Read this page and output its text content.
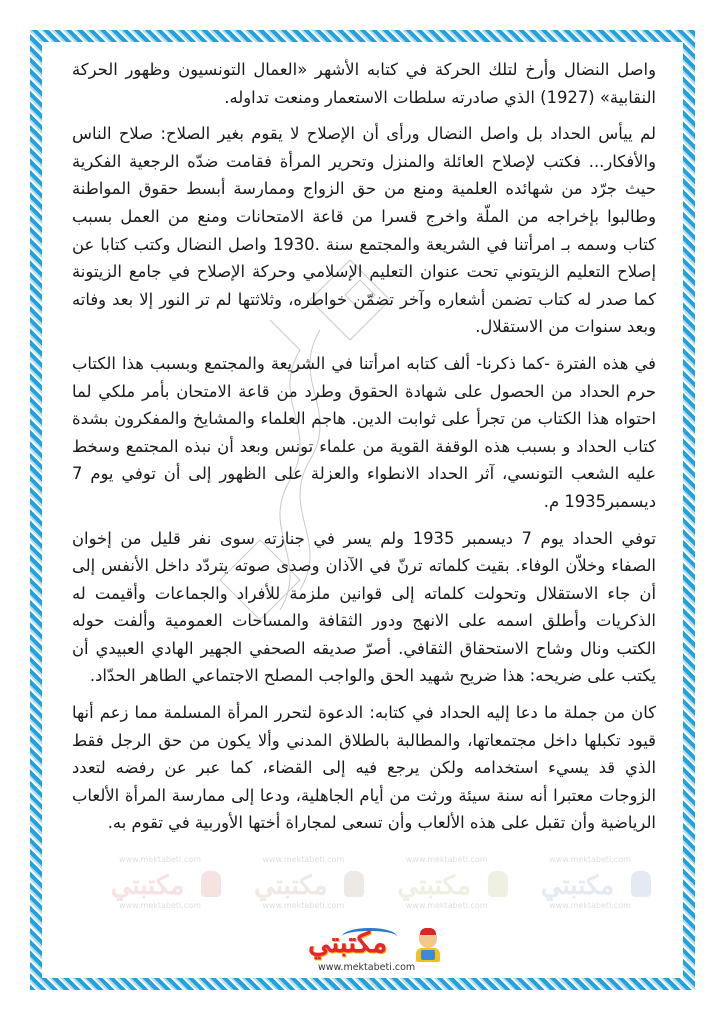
واصل النضال وأرخ لتلك الحركة في كتابه الأشهر «العمال التونسيون وظهور الحركة النقابية» (1927) الذي صادرته سلطات الاستعمار ومنعت تداوله.

لم ييأس الحداد بل واصل النضال ورأى أن الإصلاح لا يقوم بغير الصلاح: صلاح الناس والأفكار... فكتب لإصلاح العائلة والمنزل وتحرير المرأة فقامت ضدّه الرجعية الفكرية حيث جرّد من شهائده العلمية ومنع من حق الزواج وممارسة أبسط حقوق المواطنة وطالبوا بإخراجه من الملّة واخرج قسرا من قاعة الامتحانات ومنع من العمل بسبب كتاب وسمه بـ امرأتنا في الشريعة والمجتمع سنة .1930 واصل النضال وكتب كتابا عن إصلاح التعليم الزيتوني تحت عنوان التعليم الإسلامي وحركة الإصلاح في جامع الزيتونة كما صدر له كتاب تضمن أشعاره وآخر تضمّن خواطره، وثلاثتها لم تر النور إلا بعد وفاته وبعد سنوات من الاستقلال.

في هذه الفترة -كما ذكرنا- ألف كتابه امرأتنا في الشريعة والمجتمع وبسبب هذا الكتاب حرم الحداد من الحصول على شهادة الحقوق وطرد من قاعة الامتحان بأمر ملكي لما احتواه هذا الكتاب من تجرأ على ثوابت الدين. هاجم العلماء والمشايخ والمفكرون بشدة كتاب الحداد و بسبب هذه الوقفة القوية من علماء تونس وبعد أن نبذه المجتمع وسخط عليه الشعب التونسي، آثر الحداد الانطواء والعزلة على الظهور إلى أن توفي يوم 7 ديسمبر1935 م.

توفي الحداد يوم 7 ديسمبر 1935 ولم يسر في جنازته سوى نفر قليل من إخوان الصفاء وخلاّن الوفاء. بقيت كلماته ترنّ في الآذان وصدى صوته يتردّد داخل الأنفس إلى أن جاء الاستقلال وتحولت كلماته إلى قوانين ملزمة للأفراد والجماعات وأقيمت له الذكريات وأطلق اسمه على الانهج ودور الثقافة والمساحات العمومية وألفت حوله الكتب ونال وشاح الاستحقاق الثقافي. أصرّ صديقه الصحفي الجهير الهادي العبيدي أن يكتب على ضريحه: هذا ضريح شهيد الحق والواجب المصلح الاجتماعي الطاهر الحدّاد.

كان من جملة ما دعا إليه الحداد في كتابه: الدعوة لتحرر المرأة المسلمة مما زعم أنها قيود تكبلها داخل مجتمعاتها، والمطالبة بالطلاق المدني وألا يكون من حق الرجل فقط الذي قد يسيء استخدامه ولكن يرجع فيه إلى القضاء، كما عبر عن رفضه لتعدد الزوجات معتبرا أنه سنة سيئة ورثت من أيام الجاهلية، ودعا إلى ممارسة المرأة الألعاب الرياضية وأن تقبل على هذه الألعاب وأن تسعى لمجاراة أختها الأوربية في تقوم به.

www.mektabeti.com
مكتبتي
www.mektabeti.com
www.mektabeti.com
مكتبتي
www.mektabeti.com
www.mektabeti.com
مكتبتي
www.mektabeti.com
www.mektabeti.com
مكتبتي
www.mektabeti.com
مكتبتي
www.mektabeti.com
